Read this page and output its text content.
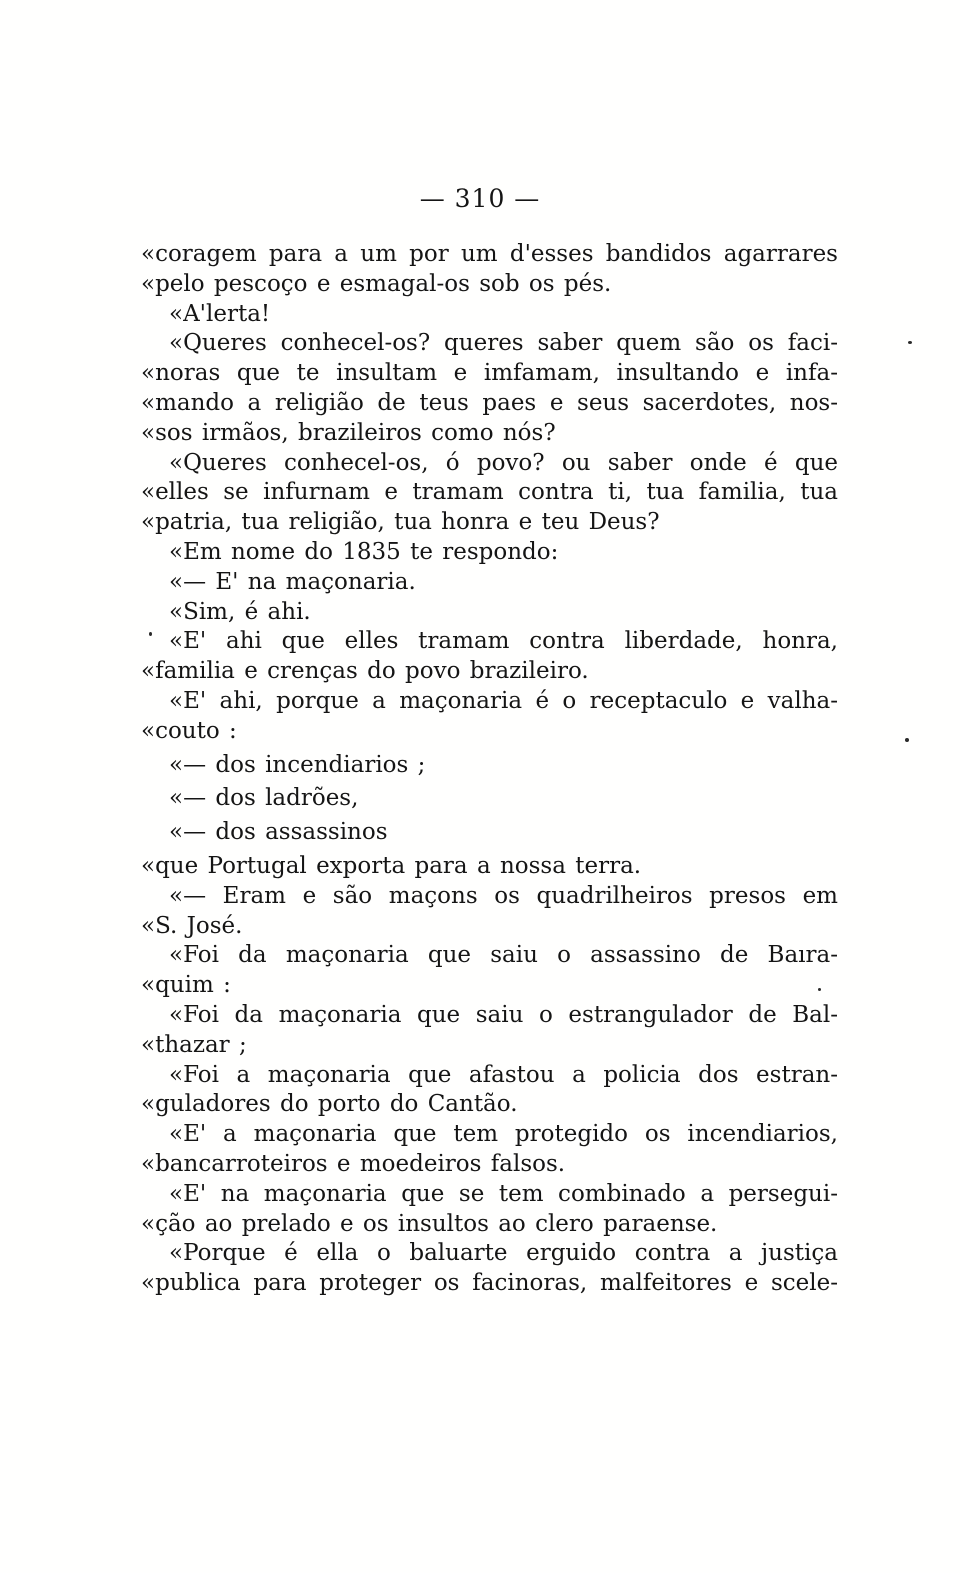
— 310 —
«coragem para a um por um d'esses bandidos agarrares
«pelo pescoço e esmagal-os sob os pés.
«A'lerta!
«Queres conhecel-os? queres saber quem são os faci-
«noras que te insultam e imfamam, insultando e infa-
«mando a religião de teus paes e seus sacerdotes, nos-
«sos irmãos, brazileiros como nós?
«Queres conhecel-os, ó povo? ou saber onde é que
«elles se infurnam e tramam contra ti, tua familia, tua
«patria, tua religião, tua honra e teu Deus?
«Em nome do 1835 te respondo:
«— E' na maçonaria.
«Sim, é ahi.
«E' ahi que elles tramam contra liberdade, honra,
«familia e crenças do povo brazileiro.
«E' ahi, porque a maçonaria é o receptaculo e valha-
«couto :
«— dos incendiarios ;
«— dos ladrões,
«— dos assassinos
«que Portugal exporta para a nossa terra.
«— Eram e são maçons os quadrilheiros presos em
«S. José.
«Foi da maçonaria que saiu o assassino de Baıra-
«quim :
«Foi da maçonaria que saiu o estrangulador de Bal-
«thazar ;
«Foi a maçonaria que afastou a policia dos estran-
«guladores do porto do Cantão.
«E' a maçonaria que tem protegido os incendiarios,
«bancarroteiros e moedeiros falsos.
«E' na maçonaria que se tem combinado a persegui-
«ção ao prelado e os insultos ao clero paraense.
«Porque é ella o baluarte erguido contra a justiça
«publica para proteger os facinoras, malfeitores e scele-
